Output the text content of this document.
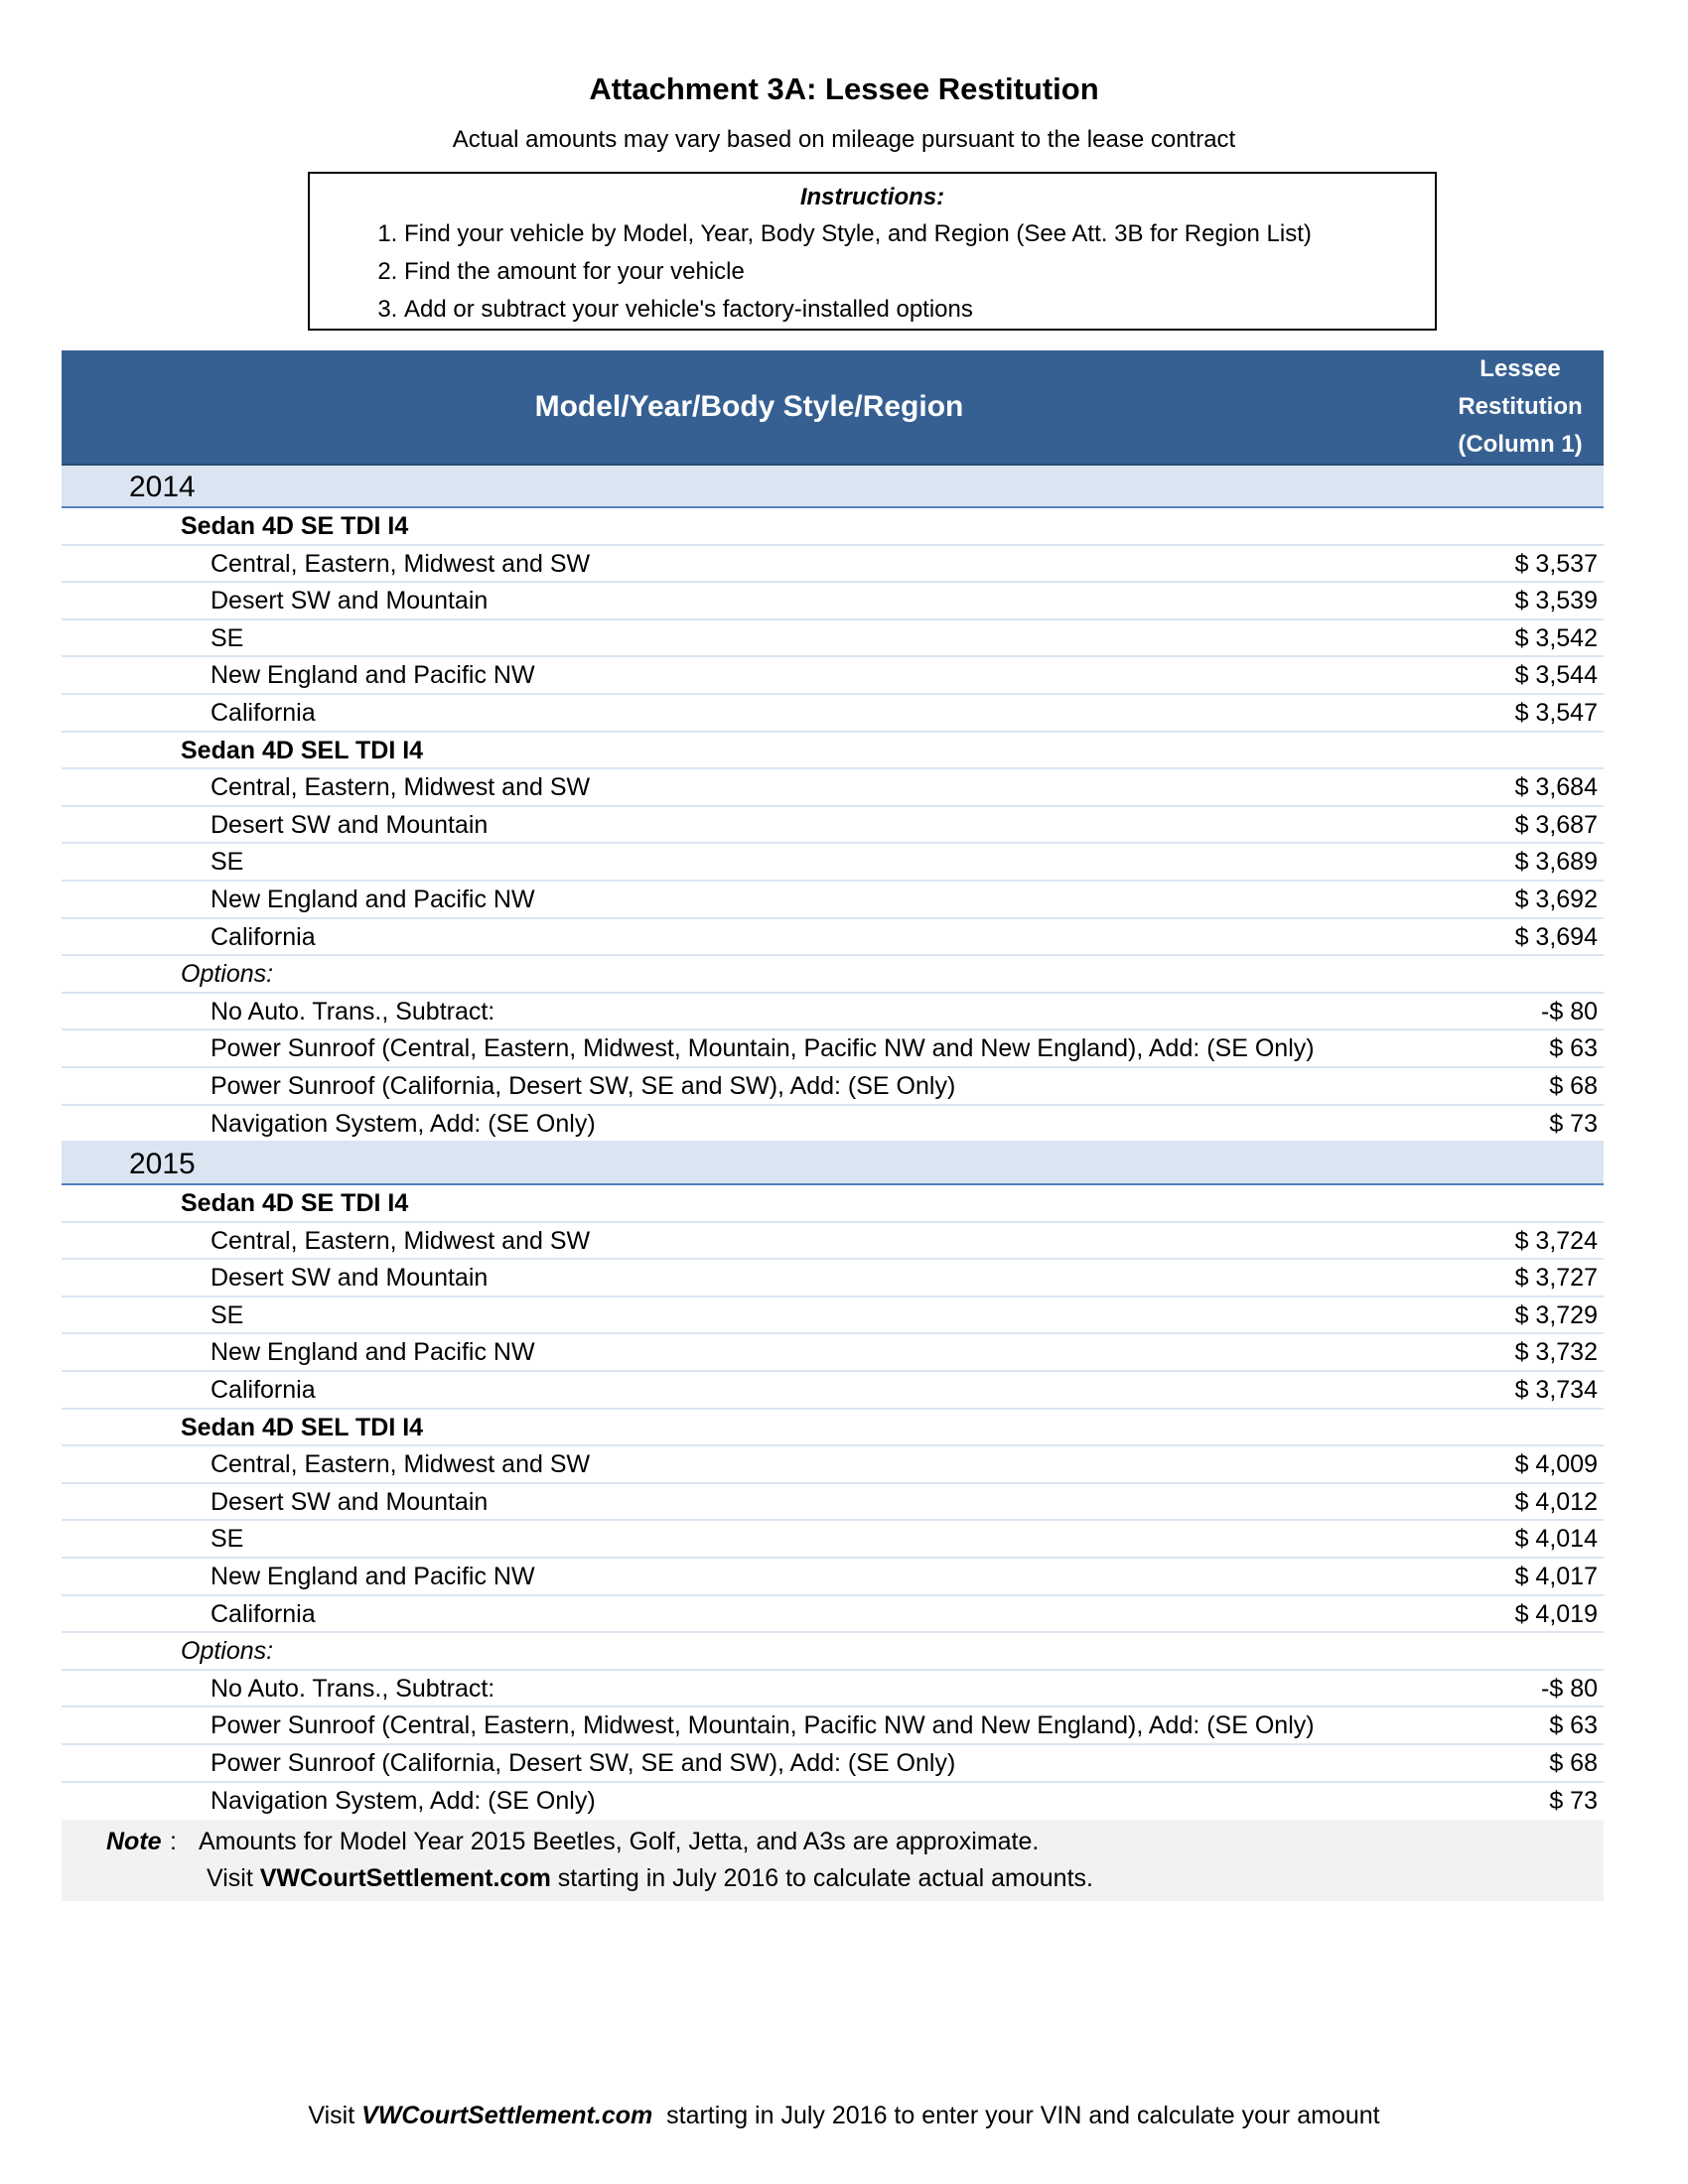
Attachment 3A: Lessee Restitution
Actual amounts may vary based on mileage pursuant to the lease contract
Instructions:
1. Find your vehicle by Model, Year, Body Style, and Region (See Att. 3B for Region List)
2. Find the amount for your vehicle
3. Add or subtract your vehicle's factory-installed options
Model/Year/Body Style/Region
Lessee
Restitution
(Column 1)
2014
Sedan 4D SE TDI I4
Central, Eastern, Midwest and SW	$ 3,537
Desert SW and Mountain	$ 3,539
SE	$ 3,542
New England and Pacific NW	$ 3,544
California	$ 3,547
Sedan 4D SEL TDI I4
Central, Eastern, Midwest and SW	$ 3,684
Desert SW and Mountain	$ 3,687
SE	$ 3,689
New England and Pacific NW	$ 3,692
California	$ 3,694
Options:
No Auto. Trans., Subtract:	-$ 80
Power Sunroof (Central, Eastern, Midwest, Mountain, Pacific NW and New England), Add: (SE Only)	$ 63
Power Sunroof (California, Desert SW, SE and SW), Add: (SE Only)	$ 68
Navigation System, Add: (SE Only)	$ 73
2015
Sedan 4D SE TDI I4
Central, Eastern, Midwest and SW	$ 3,724
Desert SW and Mountain	$ 3,727
SE	$ 3,729
New England and Pacific NW	$ 3,732
California	$ 3,734
Sedan 4D SEL TDI I4
Central, Eastern, Midwest and SW	$ 4,009
Desert SW and Mountain	$ 4,012
SE	$ 4,014
New England and Pacific NW	$ 4,017
California	$ 4,019
Options:
No Auto. Trans., Subtract:	-$ 80
Power Sunroof (Central, Eastern, Midwest, Mountain, Pacific NW and New England), Add: (SE Only)	$ 63
Power Sunroof (California, Desert SW, SE and SW), Add: (SE Only)	$ 68
Navigation System, Add: (SE Only)	$ 73
Note : Amounts for Model Year 2015 Beetles, Golf, Jetta, and A3s are approximate.
Visit VWCourtSettlement.com starting in July 2016 to calculate actual amounts.
Visit VWCourtSettlement.com  starting in July 2016 to enter your VIN and calculate your amount
